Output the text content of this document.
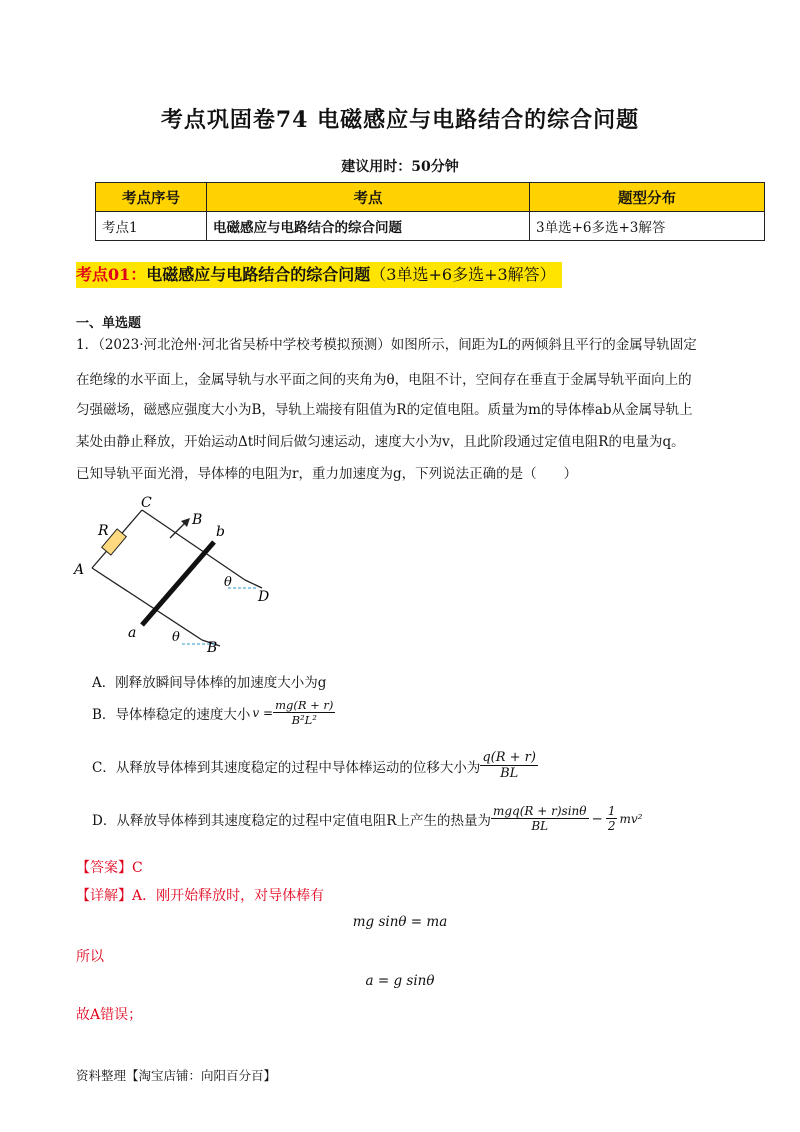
考点巩固卷74 电磁感应与电路结合的综合问题
建议用时：50分钟
考点序号	考点	题型分布
考点1	电磁感应与电路结合的综合问题	3单选+6多选+3解答
考点01：电磁感应与电路结合的综合问题（3单选+6多选+3解答）
一、单选题
1．（2023·河北沧州·河北省吴桥中学校考模拟预测）如图所示，间距为L的两倾斜且平行的金属导轨固定
在绝缘的水平面上，金属导轨与水平面之间的夹角为θ，电阻不计，空间存在垂直于金属导轨平面向上的
匀强磁场，磁感应强度大小为B，导轨上端接有阻值为R的定值电阻。质量为m的导体棒ab从金属导轨上
某处由静止释放，开始运动Δt时间后做匀速运动，速度大小为v，且此阶段通过定值电阻R的电量为q。
已知导轨平面光滑，导体棒的电阻为r，重力加速度为g，下列说法正确的是（　　）
C
B
b
R
A
θ
D
a	θ
B
A．刚释放瞬间导体棒的加速度大小为g
B．导体棒稳定的速度大小 $v = \frac{mg(R + r)}{\text{B²L²}}$
C．从释放导体棒到其速度稳定的过程中导体棒运动的位移大小为 $\frac{q(R + r)}{BL}$
D．从释放导体棒到其速度稳定的过程中定值电阻R上产生的热量为 $\frac{\text{mgq(R + r)sinθ}}{BL} - \frac{1}{2} mv^2$
【答案】C
【详解】A．刚开始释放时，对导体棒有
mg sinθ = ma
所以
a = g sinθ
故A错误；
资料整理【淘宝店铺：向阳百分百】
